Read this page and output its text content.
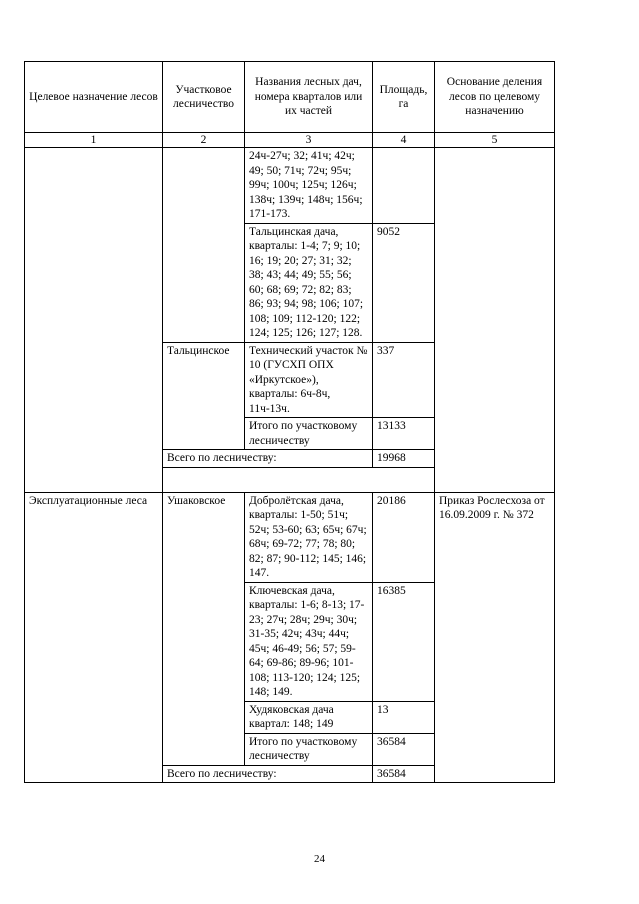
Целевое назначение лесов	Участковое лесничество	Названия лесных дач, номера кварталов или их частей	Площадь, га	Основание деления лесов по целевому назначению
1	2	3	4	5
		24ч-27ч; 32; 41ч; 42ч; 49; 50; 71ч; 72ч; 95ч; 99ч; 100ч; 125ч; 126ч; 138ч; 139ч; 148ч; 156ч; 171-173.		
		Тальцинская дача, кварталы: 1-4; 7; 9; 10; 16; 19; 20; 27; 31; 32; 38; 43; 44; 49; 55; 56; 60; 68; 69; 72; 82; 83; 86; 93; 94; 98; 106; 107; 108; 109; 112-120; 122; 124; 125; 126; 127; 128.	9052	
	Тальцинское	Технический участок № 10 (ГУСХП ОПХ «Иркутское»), кварталы: 6ч-8ч, 11ч-13ч.	337	
		Итого по участковому лесничеству	13133	
	Всего по лесничеству:		19968	

Эксплуатационные леса	Ушаковское	Добролётская дача, кварталы: 1-50; 51ч; 52ч; 53-60; 63; 65ч; 67ч; 68ч; 69-72; 77; 78; 80; 82; 87; 90-112; 145; 146; 147.	20186	Приказ Рослесхоза от 16.09.2009 г. № 372
		Ключевская дача, кварталы: 1-6; 8-13; 17-23; 27ч; 28ч; 29ч; 30ч; 31-35; 42ч; 43ч; 44ч; 45ч; 46-49; 56; 57; 59-64; 69-86; 89-96; 101-108; 113-120; 124; 125; 148; 149.	16385	
		Худяковская дача квартал: 148; 149	13	
		Итого по участковому лесничеству	36584	
	Всего по лесничеству:		36584	
24
